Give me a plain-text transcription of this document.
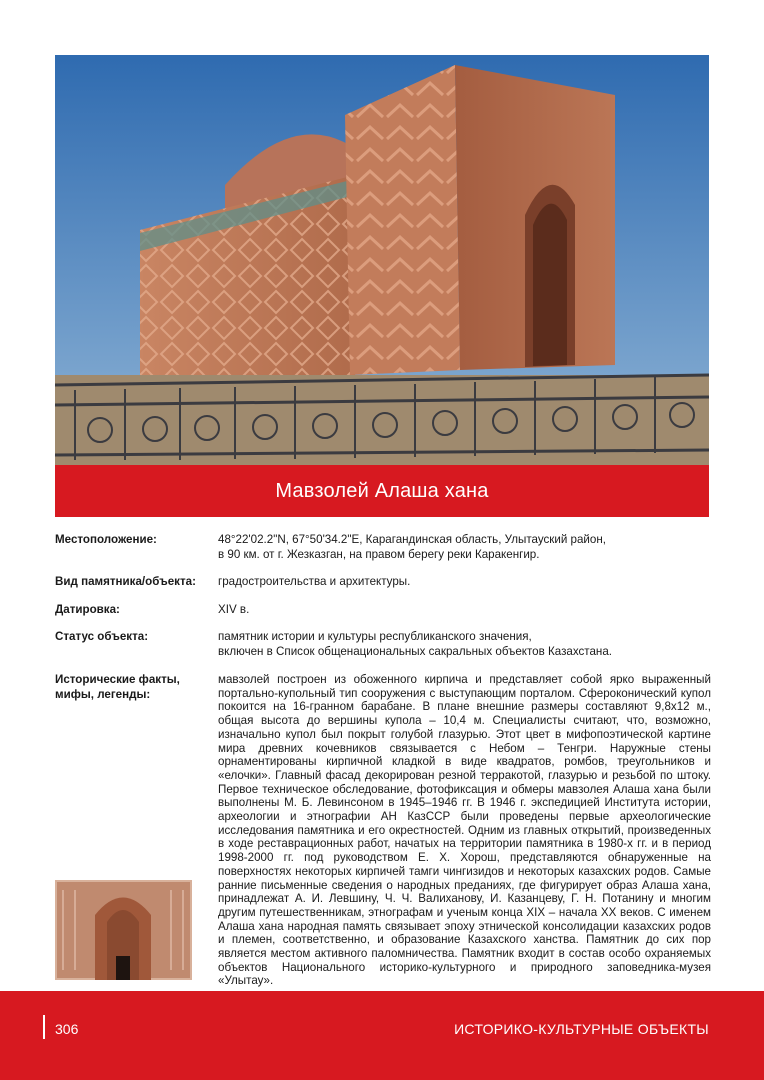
Мавзолей Алаша хана
Местоположение:	48°22'02.2"N, 67°50'34.2"E, Карагандинская область, Улытауский район,
в 90 км. от г. Жезказган, на правом берегу реки Каракенгир.
Вид памятника/объекта:	градостроительства и архитектуры.
Датировка:	XIV в.
Статус объекта:	памятник истории и культуры республиканского значения,
включен в Список общенациональных сакральных объектов Казахстана.
Исторические факты,
мифы, легенды:
мавзолей построен из обоженного кирпича и представляет собой ярко выраженный портально-купольный тип сооружения с выступающим порталом. Сфероконический купол покоится на 16-гранном барабане. В плане внешние размеры составляют 9,8х12 м., общая высота до вершины купола – 10,4 м. Специалисты считают, что, возможно, изначально купол был покрыт голубой глазурью. Этот цвет в мифопоэтической картине мира древних кочевников связывается с Небом – Тенгри. Наружные стены орнаментированы кирпичной кладкой в виде квадратов, ромбов, треугольников и «елочки». Главный фасад декорирован резной терракотой, глазурью и резьбой по штоку. Первое техническое обследование, фотофиксация и обмеры мавзолея Алаша хана были выполнены М. Б. Левинсоном в 1945–1946 гг. В 1946 г. экспедицией Института истории, археологии и этнографии АН КазССР были проведены первые археологические исследования памятника и его окрестностей. Одним из главных открытий, произведенных в ходе реставрационных работ, начатых на территории памятника в 1980-х гг. и в период 1998-2000 гг. под руководством Е. Х. Хорош, представляются обнаруженные на поверхностях некоторых кирпичей тамги чингизидов и некоторых казахских родов. Самые ранние письменные сведения о народных преданиях, где фигурирует образ Алаша хана, принадлежат А. И. Левшину, Ч. Ч. Валиханову, И. Казанцеву, Г. Н. Потанину и многим другим путешественникам, этнографам и ученым конца XIX – начала XX веков. С именем Алаша хана народная память связывает эпоху этнической консолидации казахских родов и племен, соответственно, и образование Казахского ханства. Памятник до сих пор является местом активного паломничества. Памятник входит в состав особо охраняемых объектов Национального историко-культурного и природного заповедника-музея «Улытау».
306	ИСТОРИКО-КУЛЬТУРНЫЕ ОБЪЕКТЫ
